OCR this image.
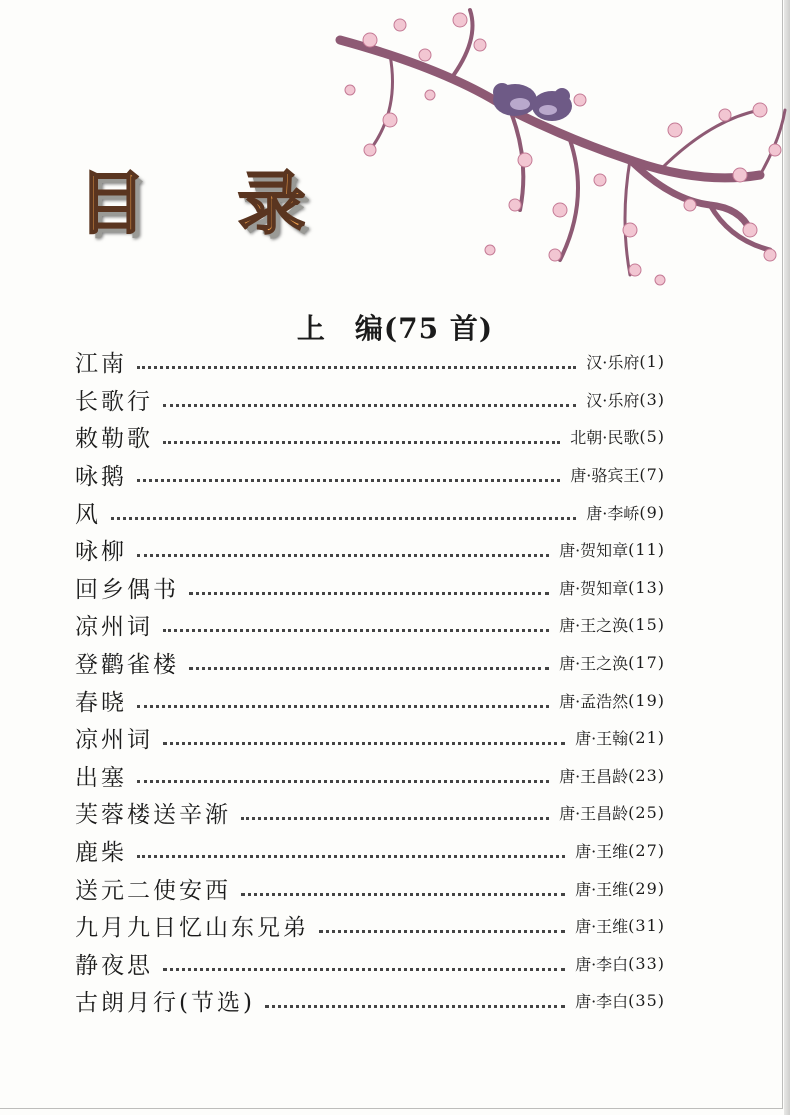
目 录
上　编(75 首)
江南	汉·乐府 (1)
长歌行	汉·乐府 (3)
敕勒歌	北朝·民歌 (5)
咏鹅	唐·骆宾王 (7)
风	唐·李峤 (9)
咏柳	唐·贺知章 (11)
回乡偶书	唐·贺知章 (13)
凉州词	唐·王之涣 (15)
登鹳雀楼	唐·王之涣 (17)
春晓	唐·孟浩然 (19)
凉州词	唐·王翰 (21)
出塞	唐·王昌龄 (23)
芙蓉楼送辛渐	唐·王昌龄 (25)
鹿柴	唐·王维 (27)
送元二使安西	唐·王维 (29)
九月九日忆山东兄弟	唐·王维 (31)
静夜思	唐·李白 (33)
古朗月行(节选)	唐·李白 (35)
